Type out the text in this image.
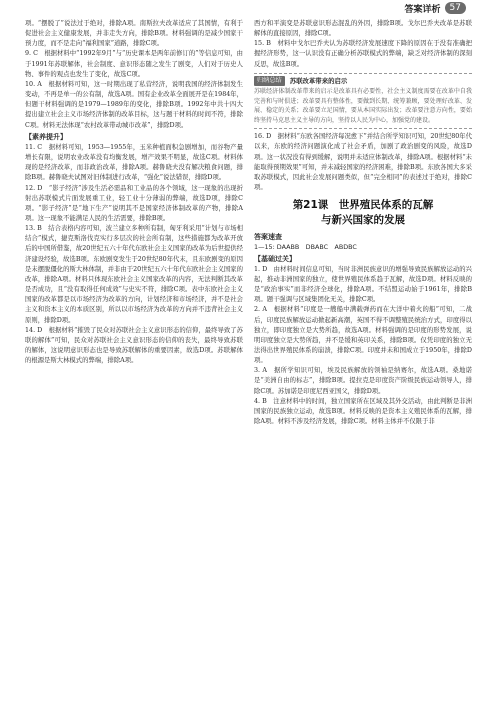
答案详析	57

项。“摆脱了”说法过于绝对，排除A项。南斯拉夫改革适应了其国情，有利于促进社会主义健康发展，并非走失方向，排除B项。材料强调的是减少国家干预力度，而不是走向“福利国家”道路，排除C项。

9. C　根据材料中“1992年9月”与“历史课本是两年前修订的”等信息可知，由于1991年苏联解体，社会制度、意识形态随之发生了剧变，人们对于历史人物、事件的观点也发生了变化，故选C项。

10. A　根据材料可知，这一时期出现了私营经济，说明我国的经济体制发生变动，不再是单一的公有制，故选A项。国有企业改革全面展开是在1984年，但题干材料强调的是1979—1989年的变化，排除B项。1992年中共十四大提出建立社会主义市场经济体制的改革目标，这与题干材料的时间不符，排除C项。材料无法体现“农村改革带动城市改革”，排除D项。

【素养提升】

11. C　据材料可知，1953—1955年，玉米种植面积急剧增加，而谷物产量增长有限，说明农业改革没有均衡发展，增产效果不明显，故选C项。材料体现的是经济改革，而非政治改革，排除A项。赫鲁晓夫没有解决粮食问题，排除B项。赫鲁晓夫试图对旧体制进行改革，“强化”说法错误，排除D项。

12. D　“影子经济”涉及生活必需品和工业品的各个领域，这一现象的出现折射出苏联模式片面发展重工业，轻工业十分薄弱的弊端，故选D项，排除C项。“影子经济”是“地下生产”说明其不是国家经济体制改革的产物，排除A项。这一现象不能满足人民的生活需要，排除B项。

13. B　结合表格内容可知，波兰建立多种所有制，匈牙利采用“计划与市场相结合”模式，捷克斯洛伐克实行多层次的社会所有制，这些措施都为改革开放后的中国所借鉴，故20世纪五六十年代东欧社会主义国家的改革为后世提供经济建设经验，故选B项。东欧剧变发生于20世纪80年代末，且东欧剧变的原因是未摆脱僵化的斯大林体制，并非由于20世纪五六十年代东欧社会主义国家的改革，排除A项。材料只体现东欧社会主义国家改革的内容，无法判断其改革是否成功，且“没有取得任何成效”与史实不符，排除C项。表中东欧社会主义国家的改革都是以市场经济为改革的方向，计划经济和市场经济，并不是社会主义和资本主义的本质区别，所以以市场经济为改革的方向并不违背社会主义原则，排除D项。

14. D　根据材料“摧毁了民众对苏联社会主义意识形态的信仰，最终导致了苏联的解体”可知，民众对苏联社会主义意识形态的信仰的丧失，最终导致苏联的解体，这说明意识形态也是导致苏联解体的重要因素，故选D项。苏联解体的根源是斯大林模式的弊端，排除A项。

西方和平演变是苏联意识形态混乱的外因，排除B项。戈尔巴乔夫改革是苏联解体的直接原因，排除C项。

15. B　材料中戈尔巴乔夫认为苏联经济发展速度下降的原因在于没有准确把握经济形势，这一认识没有正确分析苏联模式的弊端，缺乏对经济体制的深刻反思，故选B项。

归纳总结	苏联改革带来的启示

苏联经济体制改革带来的启示是改革具有必要性，社会主义制度需要在改革中自我完善和与时俱进；改革要具有整体性，要做到长期、统筹兼顾，要处理好改革、发展、稳定的关系；改革要立足国情，要从本国实际出发；改革要注意方向性，要始终坚持马克思主义主导的方向，坚持以人民为中心，加强党的建设。

16. D　据材料“东欧各国经济每况愈下”并结合所学知识可知，20世纪80年代以来，东欧的经济问题演化成了社会矛盾，加剧了政治剧变的风险，故选D项。这一状况没有得到缓解，说明并未适应体制改革，排除A项。根据材料“未能取得预期效果”可知，并未减轻国家的经济困难，排除B项。东欧各国大多采取苏联模式，因此社会发展问题类似，但“完全相同”的表述过于绝对，排除C项。

第21课　世界殖民体系的瓦解
与新兴国家的发展

答案速查

1—15: DAABB　DBABC　ABDBC

【基础过关】

1. D　由材料时间信息可知，当时非洲民族意识的增强导致民族解放运动的兴起，推动非洲国家的独立，使世界殖民体系趋于瓦解，故选D项。材料反映的是“政治事实”而非经济全球化，排除A项。不结盟运动始于1961年，排除B项。题干强调与区域集团化无关，排除C项。

2. A　根据材料“印度是一艘船中满载弹药而在大洋中着火的船”可知，二战后，印度民族解放运动掀起新高潮，英国不得不调整殖民统治方式，印度得以独立，即印度独立是大势所趋，故选A项。材料强调的是印度的形势发展，说明印度独立是大势所趋，并不是缓和英印关系，排除B项。仅凭印度的独立无法得出世界殖民体系的崩溃，排除C项。印度并未和国成立于1950年，排除D项。

3. A　据所学知识可知，埃及民族解放的领袖是纳赛尔，故选A项。桑地诺是“美洲自由的标志”，排除B项。提拉克是印度资产阶级民族运动领导人，排除C项。苏加诺是印度尼西亚国父，排除D项。

4. B　注意材料中的时间，独立国家所在区域及其外交活动，由此判断是非洲国家的民族独立运动，故选B项。材料反映的是资本主义殖民体系的瓦解，排除A项。材料不涉及经济发展，排除C项。材料主体并不仅限于非
